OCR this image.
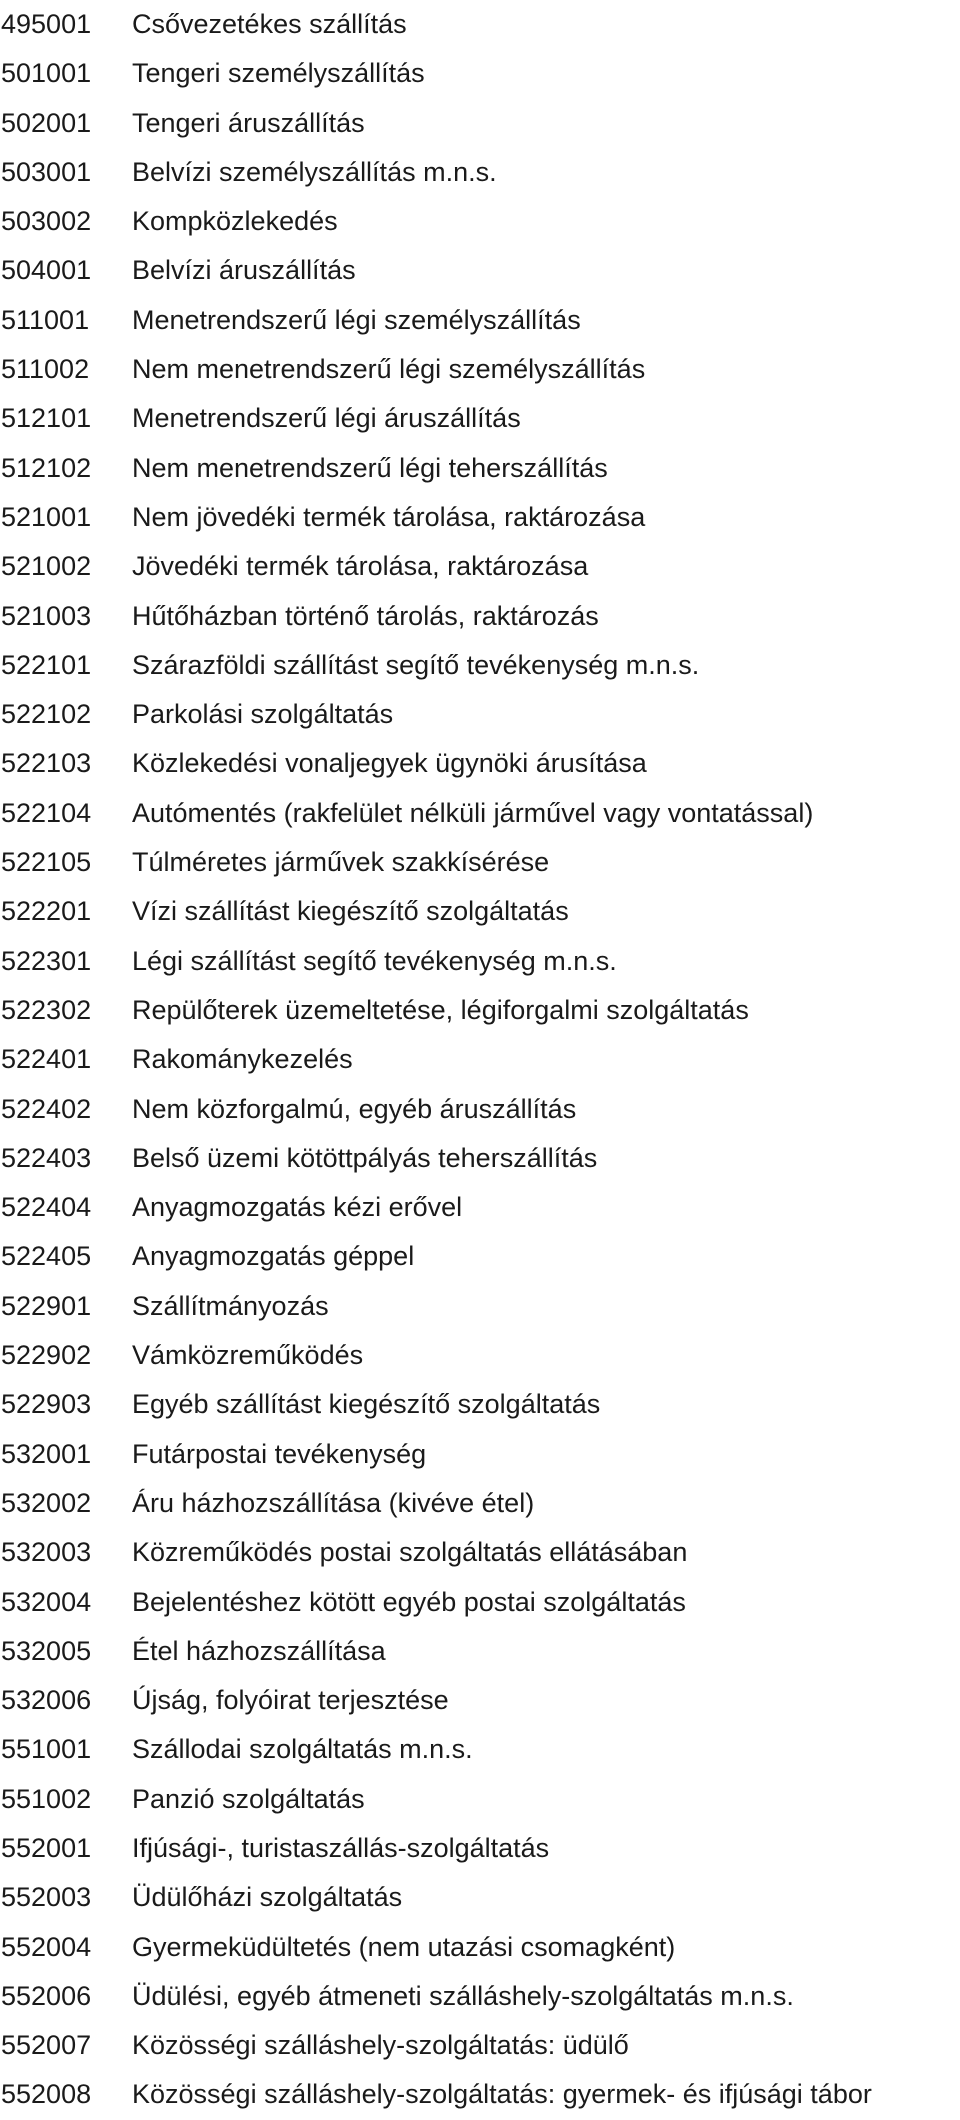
495001	Csővezetékes szállítás
501001	Tengeri személyszállítás
502001	Tengeri áruszállítás
503001	Belvízi személyszállítás m.n.s.
503002	Kompközlekedés
504001	Belvízi áruszállítás
511001	Menetrendszerű légi személyszállítás
511002	Nem menetrendszerű légi személyszállítás
512101	Menetrendszerű légi áruszállítás
512102	Nem menetrendszerű légi teherszállítás
521001	Nem jövedéki termék tárolása, raktározása
521002	Jövedéki termék tárolása, raktározása
521003	Hűtőházban történő tárolás, raktározás
522101	Szárazföldi szállítást segítő tevékenység m.n.s.
522102	Parkolási szolgáltatás
522103	Közlekedési vonaljegyek ügynöki árusítása
522104	Autómentés (rakfelület nélküli járművel vagy vontatással)
522105	Túlméretes járművek szakkísérése
522201	Vízi szállítást kiegészítő szolgáltatás
522301	Légi szállítást segítő tevékenység m.n.s.
522302	Repülőterek üzemeltetése, légiforgalmi szolgáltatás
522401	Rakománykezelés
522402	Nem közforgalmú, egyéb áruszállítás
522403	Belső üzemi kötöttpályás teherszállítás
522404	Anyagmozgatás kézi erővel
522405	Anyagmozgatás géppel
522901	Szállítmányozás
522902	Vámközreműködés
522903	Egyéb szállítást kiegészítő szolgáltatás
532001	Futárpostai tevékenység
532002	Áru házhozszállítása (kivéve étel)
532003	Közreműködés postai szolgáltatás ellátásában
532004	Bejelentéshez kötött egyéb postai szolgáltatás
532005	Étel házhozszállítása
532006	Újság, folyóirat terjesztése
551001	Szállodai szolgáltatás m.n.s.
551002	Panzió szolgáltatás
552001	Ifjúsági-, turistaszállás-szolgáltatás
552003	Üdülőházi szolgáltatás
552004	Gyermeküdültetés (nem utazási csomagként)
552006	Üdülési, egyéb átmeneti szálláshely-szolgáltatás m.n.s.
552007	Közösségi szálláshely-szolgáltatás: üdülő
552008	Közösségi szálláshely-szolgáltatás: gyermek- és ifjúsági tábor
